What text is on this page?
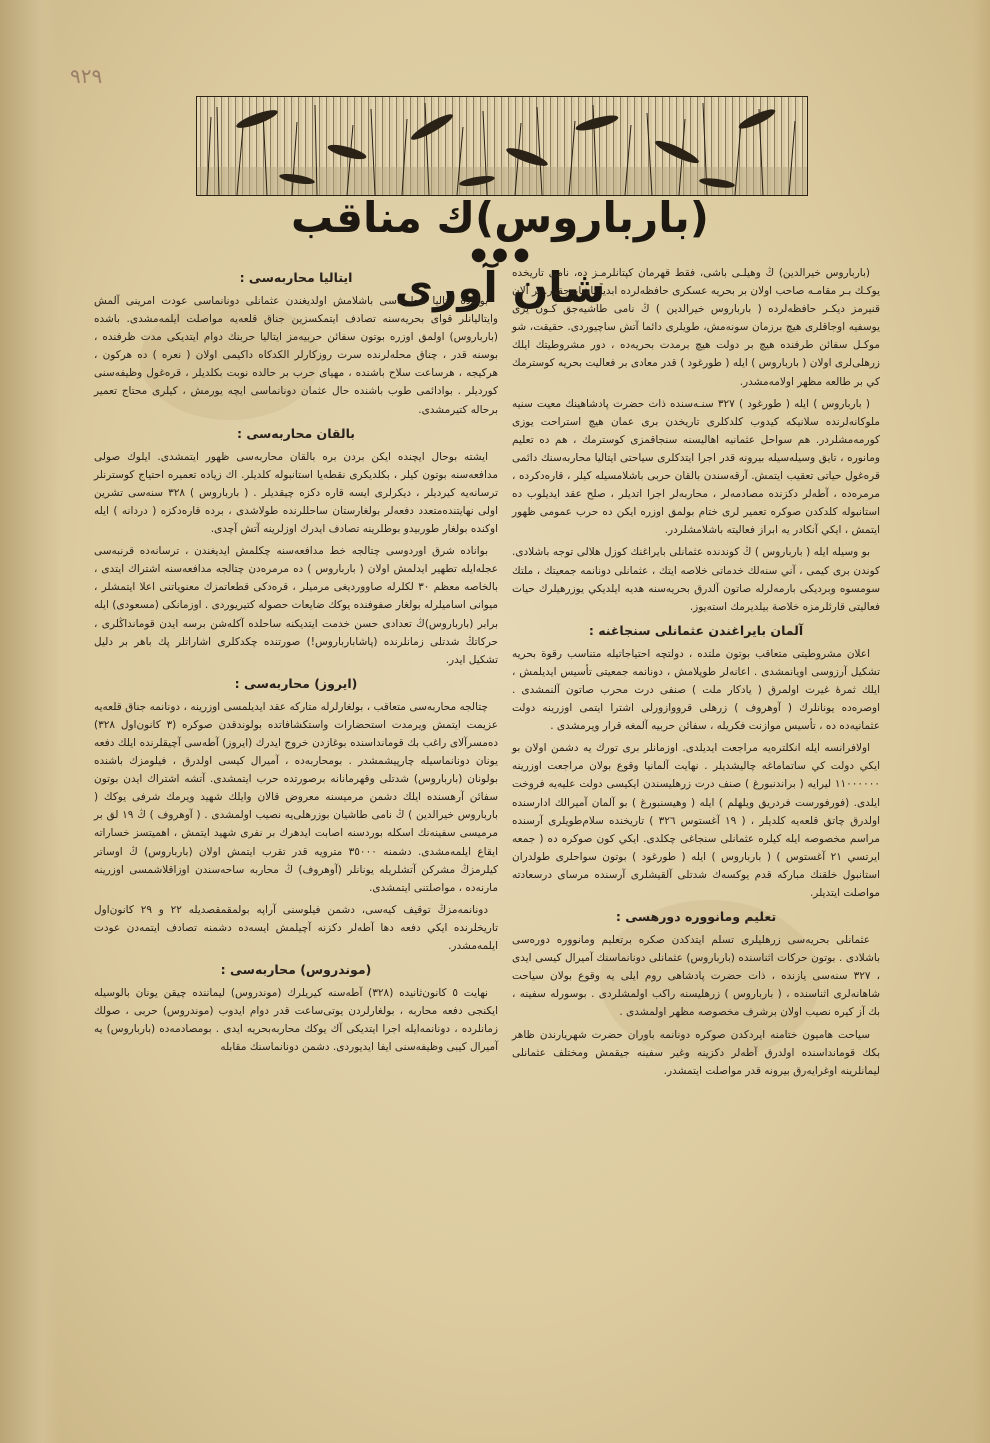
٩٢٩
(بارباروس)ك مناقب شان آورى
● ● ●

(بارباروس خيرالدين) ڭ وهيلـى باشى، فقط قهرمان كپتانلرمـز ده، نامى تاريخده يوكـك بـر مقامـه صاحب اولان بر بحريه عسكرى حافظه‌لرده ابدياً ياشايه‌جقدر. بر آلان قنيرمز ديكـر حافظه‌لرده ( بارباروس خيرالدين ) ڭ نامى طاشيه‌جق كـون يرى يوسفيه اوجاقلرى هيچ برزمان سونه‌مش، طويلرى دائما آتش ساچيوردى. حقيقت، شو موكـل سفائن طرفنده هيچ بر دولت هيچ برمدت بحريه‌ده ، دور مشروطيتك ايلك زرهلى‌لرى اولان ( بارباروس ) ايله ( طورغود ) قدر معادى بر فعاليت بحريه كوسترمك كي بر طالعه مظهر اولامه‌مشدر.

( بارباروس ) ايله ( طورغود ) ٣٢٧ سنـه‌سنده ذات حضرت پادشاهينك معيت سنيه ملوكانه‌لرنده سلانيكه كيدوب كلدكلرى تاريخدن برى عمان هيچ استراحت يوزى كورمه‌مشلردر. هم سواحل عثمانيه اهاليسنه سنجاقمزى كوسترمك ، هم ده تعليم ومانوره ، تايق وسيله‌سيله بيرونه قدر اجرا ايتدكلرى سياحتى ايتاليا محاربه‌سنك دائمى قره‌غول حياتى تعقيب ايتمش. آرقه‌سندن بالقان حربى باشلامسيله كيلر ، قاره‌دكرده ، مرمره‌ده ، آطه‌لر دكزنده مصادمه‌لر ، محاربه‌لر اجرا اتديلر ، صلح عقد ايديلوب ده استانبوله كلدكدن صوكره تعمير لرى ختام بولمق اوزره ايكن ده حرب عمومى ظهور ايتمش ، ايكي آنكادر يه ابراز فعاليته باشلامشلردر.

بو وسيله ايله ( بارباروس ) ڭ كوندنده عثمانلى بايراغنك كوزل هلالى توجه باشلادى. كوندن برى كيمى ، آني سنه‌لك خدماتى خلاصه ايتك ، عثمانلى دونانمه جمعيتك ، ملتك سومسوه وبرديكى بارمه‌لرله صاتون آلدرق بحريه‌سنه هديه ايلديكي يوزرهيلرك حيات فعاليتى قارئلرمزه خلاصة بيلديرمك استه‌يوز.

آلمان بايراغندن عثمانلى سنجاغنه :

اعلان مشروطيتى متعاقب بوتون ملتده ، دولتچه احتياجاتيله متناسب رقوة بحريه تشكيل آرزوسى اويانمشدى . اعانه‌لر طوپلامش ، دونانمه جمعيتى تأسيس ايديلمش ، ايلك ثمرۀ غيرت اولمرق ( يادكار ملت ) صنفى درت محرب صاتون آلنمشدى . اوصره‌ده يونانلرك ( آوهروف ) زرهلى قرووازورلى اشترا ايتمى اوزرينه دولت عثمانيه‌ده ده ، تأسيس موازنت فكريله ، سفائن حربيه آلمغه قرار ويرمشدى .

اولافرانسه ايله انكلتره‌يه مراجعت ايديلدى. اوزمانلر برى تورك يه دشمن اولان بو ايكي دولت كي ساتماماغه چاليشديلر . نهايت آلمانيا وقوع بولان مراجعت اوزرينه ١١٠٠٠٠٠٠ ليرايه ( براندنبورغ ) صنف درت زرهليسندن ايكيسى دولت عليه‌يه فروخت ايلدى. (فورفورست فردريق ويلهلم ) ايله ( وهيسنبورغ ) بو آلمان آميرالك ادارسنده اولدرق چاتق قلعه‌يه كلديلر ، ( ١٩ آغستوس ٣٢٦ ) تاريخنده سلام‌طويلرى آرسنده مراسم مخصوصه ايله كيلره عثمانلى سنجاغى چكلدى. ايكي كون صوكره ده ( جمعه ايرتسي ٢١ آغستوس ) ( بارباروس ) ايله ( طورغود ) بوتون سواحلرى طولدران استانبول خلقنك مباركه قدم يوكسه‌ك شدتلى آلقيشلرى آرسنده مرساى درسعادته مواصلت ايتديلر.

تعليم ومانووره دورهسى :

عثمانلى بحريه‌سى زرهليلرى تسلم ايتدكدن صكره برتعليم ومانووره دوره‌سى باشلادى . بوتون حركات اثناسنده (بارباروس) عثمانلى دونانماسنك آميرال كيسى ايدى ، ٣٢٧ سنه‌سى يازنده ، ذات حضرت پادشاهى روم ايلى يه وقوع بولان سياحت شاهانه‌لرى اثناسنده ، ( بارباروس ) زرهليسنه راكب اولمشلردى . بوسورله سفينه ، بك آز كيره نصيب اولان برشرف مخصوصه مظهر اولمشدى .

سياحت هاميون ختامنه ايردكدن صوكره دونانمه باوران حضرت شهريارندن ظاهر بكك قومانداسنده اولدرق آطه‌لر دكزينه وغير سفينه جيقمش ومختلف عثمانلى ليمانلرينه اوغرايه‌رق بيرونه قدر مواصلت ايتمشدر.

ايتاليا محاربه‌سى :

بوآناده ايتاليا محاربه‌سى باشلامش اولديغندن عثمانلى دونانماسى عودت امرينى آلمش وايتاليانلر قواى بحريه‌سنه تصادف ايتمكسزين جناق قلعه‌يه مواصلت ايلمه‌مشدى. باشده (بارباروس) اولمق اوزره بوتون سفائن حربيه‌مز ايتاليا حربنك دوام ايتديكى مدت ظرفنده ، بوسنه قدر ، چناق محله‌لرنده سرت روزكارلر الكدكاه داكيمى اولان ( نعره ) ده هركون ، هركيجه ، هرساعت سلاح باشنده ، مهياى حرب بر حالده نوبت بكلديلر ، قره‌غول وظيفه‌سنى كورديلر . بوادائمى طوب باشنده حال عثمان دونانماسى ايچه يورمش ، كيلرى محتاج تعمير برحاله كتيرمشدى.

بالقان محاربه‌سى :

ايشته بوحال ايچنده ايكن بردن بره بالقان محاربه‌سى ظهور ايتمشدى. ايلوك صولى مدافعه‌سنه بوتون كيلر ، بكلديكرى نقطه‌يا استانبوله كلديلر. اك زياده تعميره احتياج كوسترنلر ترسانه‌يه كيرديلر ، ديكرلرى ايسه قاره دكزه چيقديلر . ( بارباروس ) ٣٢٨ سنه‌سى تشرين اولى نهايتنده‌متعدد دفعه‌لر بولغارستان ساحللرنده طولاشدى ، برده قاره‌دكزه ( دردانه ) ايله اوكنده بولغار طوربيدو بوطلرينه تصادف ايدرك اوزلرينه آتش آچدى.

بواناده شرق اوردوسى چتالجه خط مدافعه‌سنه چكلمش ايديغندن ، ترسانه‌ده قرنبه‌سى عجله‌ايله تطهير ايدلمش اولان ( بارباروس ) ده مرمره‌دن چتالجه مدافعه‌سنه اشتراك ايتدى ، بالخاصه معظم ٣٠ لكلرله صاوورديغى مرميلر ، قره‌دكى قطعاتمزك معنوياتنى اعلا ايتمشلر ، ميوانى اساميلرله بولغار صفوفنده يوكك ضايعات حصوله كتيريوردى . اوزمانكى (مسعودى) ايله برابر (بارباروس)ڭ تعدادى حسن خدمت ايتديكنه ساحلده آكله‌شن برسه ايدن قومانداڭلرى ، حركاتڭ شدتلى زمانلرنده (پاشابارباروس!) صورتنده چكدكلرى اشاراتلر پك باهر بر دليل تشكيل ايدر.

(ايروز) محاربه‌سى :

چتالجه محاربه‌سى متعاقب ، بولغارلرله متاركه عقد ايديلمسى اوزرينه ، دونانمه جناق قلعه‌يه عزيمت ايتمش ويرمدت استحضارات واستكشافاتده بولوندقدن صوكره (٣ كانون‌اول ٣٢٨) ده‌مسرآلاى راغب بك قومانداسنده بوغازدن خروج ايدرك (ايروز) آطه‌سى آچيقلرنده ايلك دفعه يونان دونانماسيله چارپيشمشدر . بومحاربه‌ده ، آميرال كيسى اولدرق ، فيلومزك باشنده بولونان (بارباروس) شدتلى وقهرمانانه برصورتده حرب ايتمشدى. آتشه اشتراك ايدن بوتون سفائن آرهسنده ايلك دشمن مرميسنه معروض قالان وايلك شهيد ويرمك شرفى يوكك ( بارباروس خيرالدين ) ڭ نامى طاشيان بوزرهلى‌يه نصيب اولمشدى . ( آوهروف ) ڭ ١٩ لق بر مرميسى سفينه‌نك اسكله بوردسنه اصابت ايدهرك بر نفرى شهيد ايتمش ، اهميتسز خساراته ايقاع ايلمه‌مشدى. دشمنه ٣٥٠٠٠ مترويه قدر تقرب ايتمش اولان (بارباروس) ڭ اوساتر كيلرمزڭ مشركن آتشلريله يونانلر (آوهروف) ڭ محاربه ساحه‌سندن اوزاقلاشمسى اوزرينه مارنه‌ده ، مواصلتنى ايتمشدى.

دونانمه‌مزڭ توقيف كيه‌سى، دشمن فيلوسنى آراپه بولمقمقصديله ٢٢ و ٢٩ كانون‌اول تاريخلرنده ايكي دفعه دها آطه‌لر دكزنه آچيلمش ايسه‌ده دشمنه تصادف ايتمه‌دن عودت ايلمه‌مشدر.

(موندروس) محاربه‌سى :

نهايت ٥ كانون‌ثانيده (٣٢٨) آطه‌سنه كيريلرك (موندروس) ليماننده چيقن يونان بالوسيله ايكنجى دفعه محاربه ، بولغارلردن يوتى‌ساعت قدر دوام ايدوب (موندروس) حربى ، صولك زمانلرده ، دونانمه‌ايله اجرا ايتديكى آك يوكك محاربه‌بحريه ايدى . بومصادمه‌ده (بارباروس) يه آميرال كيبى وظيفه‌سنى ايفا ايديوردى. دشمن دونانماسنك مقابله
